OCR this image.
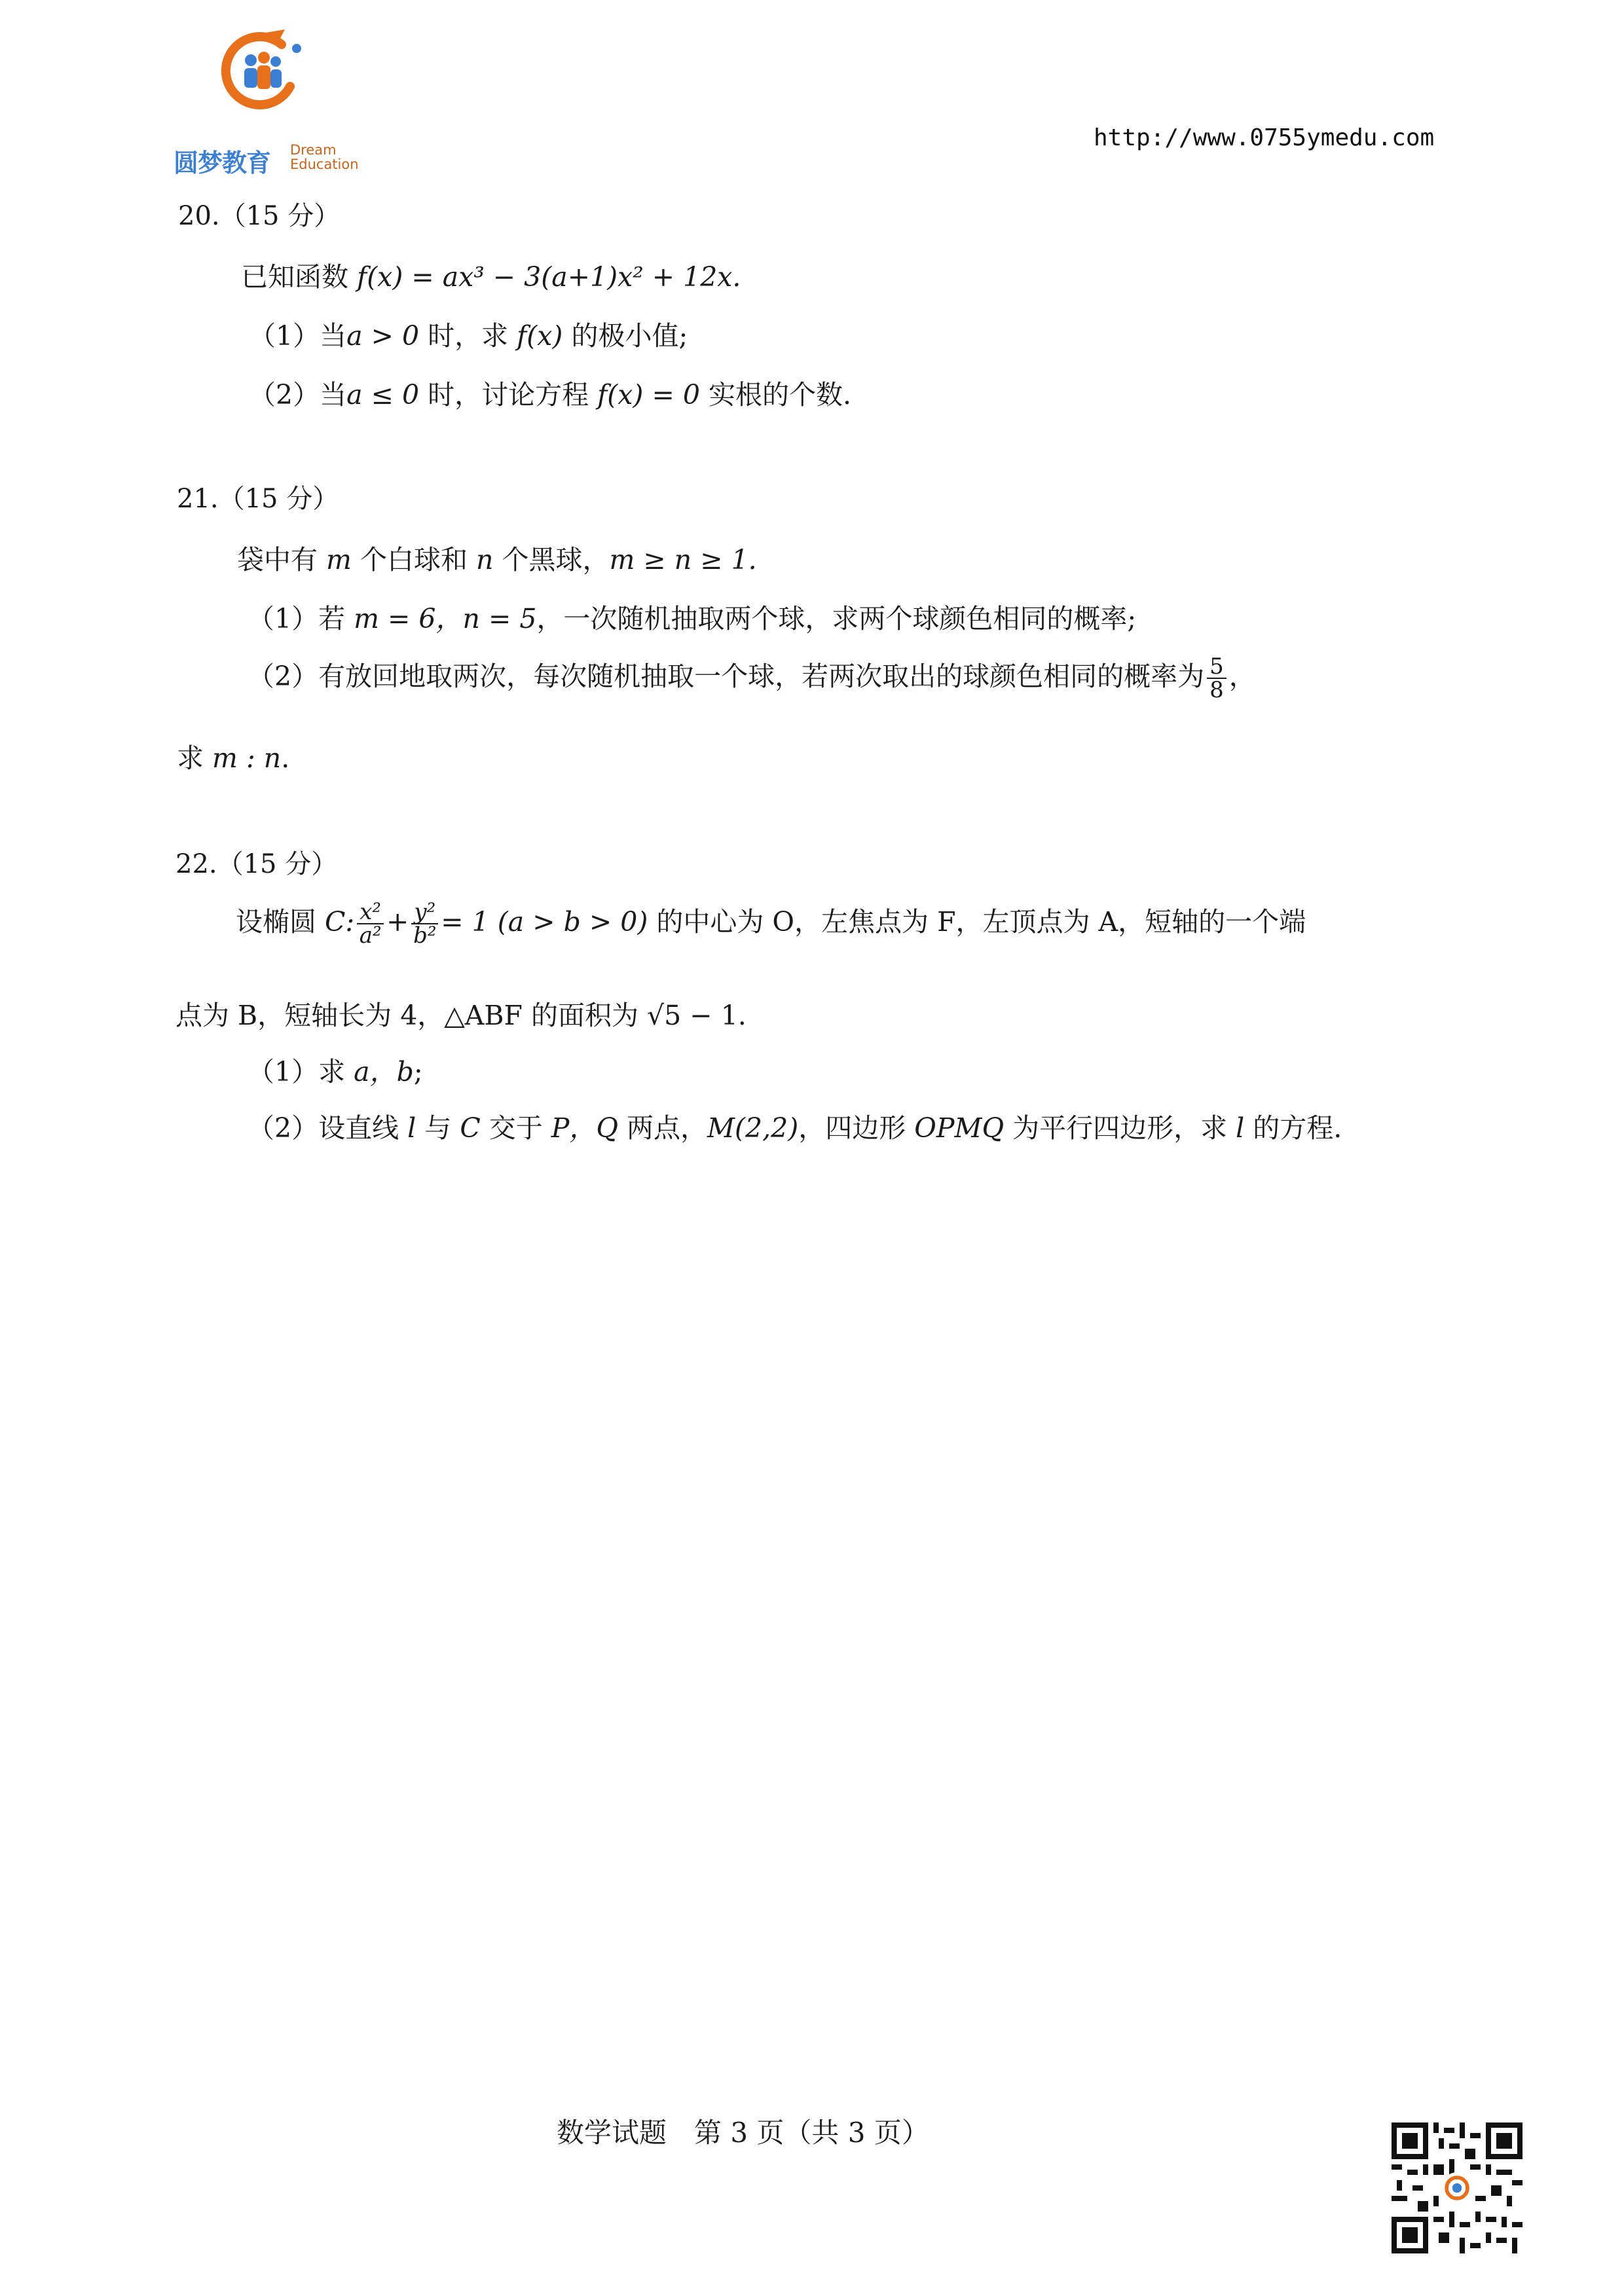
圆梦教育	Dream
Education
http://www.0755ymedu.com
20.（15 分）
已知函数 f(x) = ax³ − 3(a+1)x² + 12x.
（1）当a > 0 时，求 f(x) 的极小值;
（2）当a ≤ 0 时，讨论方程 f(x) = 0 实根的个数.
21.（15 分）
袋中有 m 个白球和 n 个黑球，m ≥ n ≥ 1.
（1）若 m = 6，n = 5，一次随机抽取两个球，求两个球颜色相同的概率;
（2）有放回地取两次，每次随机抽取一个球，若两次取出的球颜色相同的概率为 $\frac{5}{8}$ ，
求 m : n.
22.（15 分）
设椭圆 C: $\frac{\text{x²}}{\text{a²}} + \frac{\text{y²}}{\text{b²}} = 1$ (a > b > 0) 的中心为 O，左焦点为 F，左顶点为 A，短轴的一个端
点为 B，短轴长为 4，△ABF 的面积为 √5 − 1.
（1）求 a，b;
（2）设直线 l 与 C 交于 P，Q 两点，M(2,2)，四边形 OPMQ 为平行四边形，求 l 的方程.
数学试题　第 3 页（共 3 页）
